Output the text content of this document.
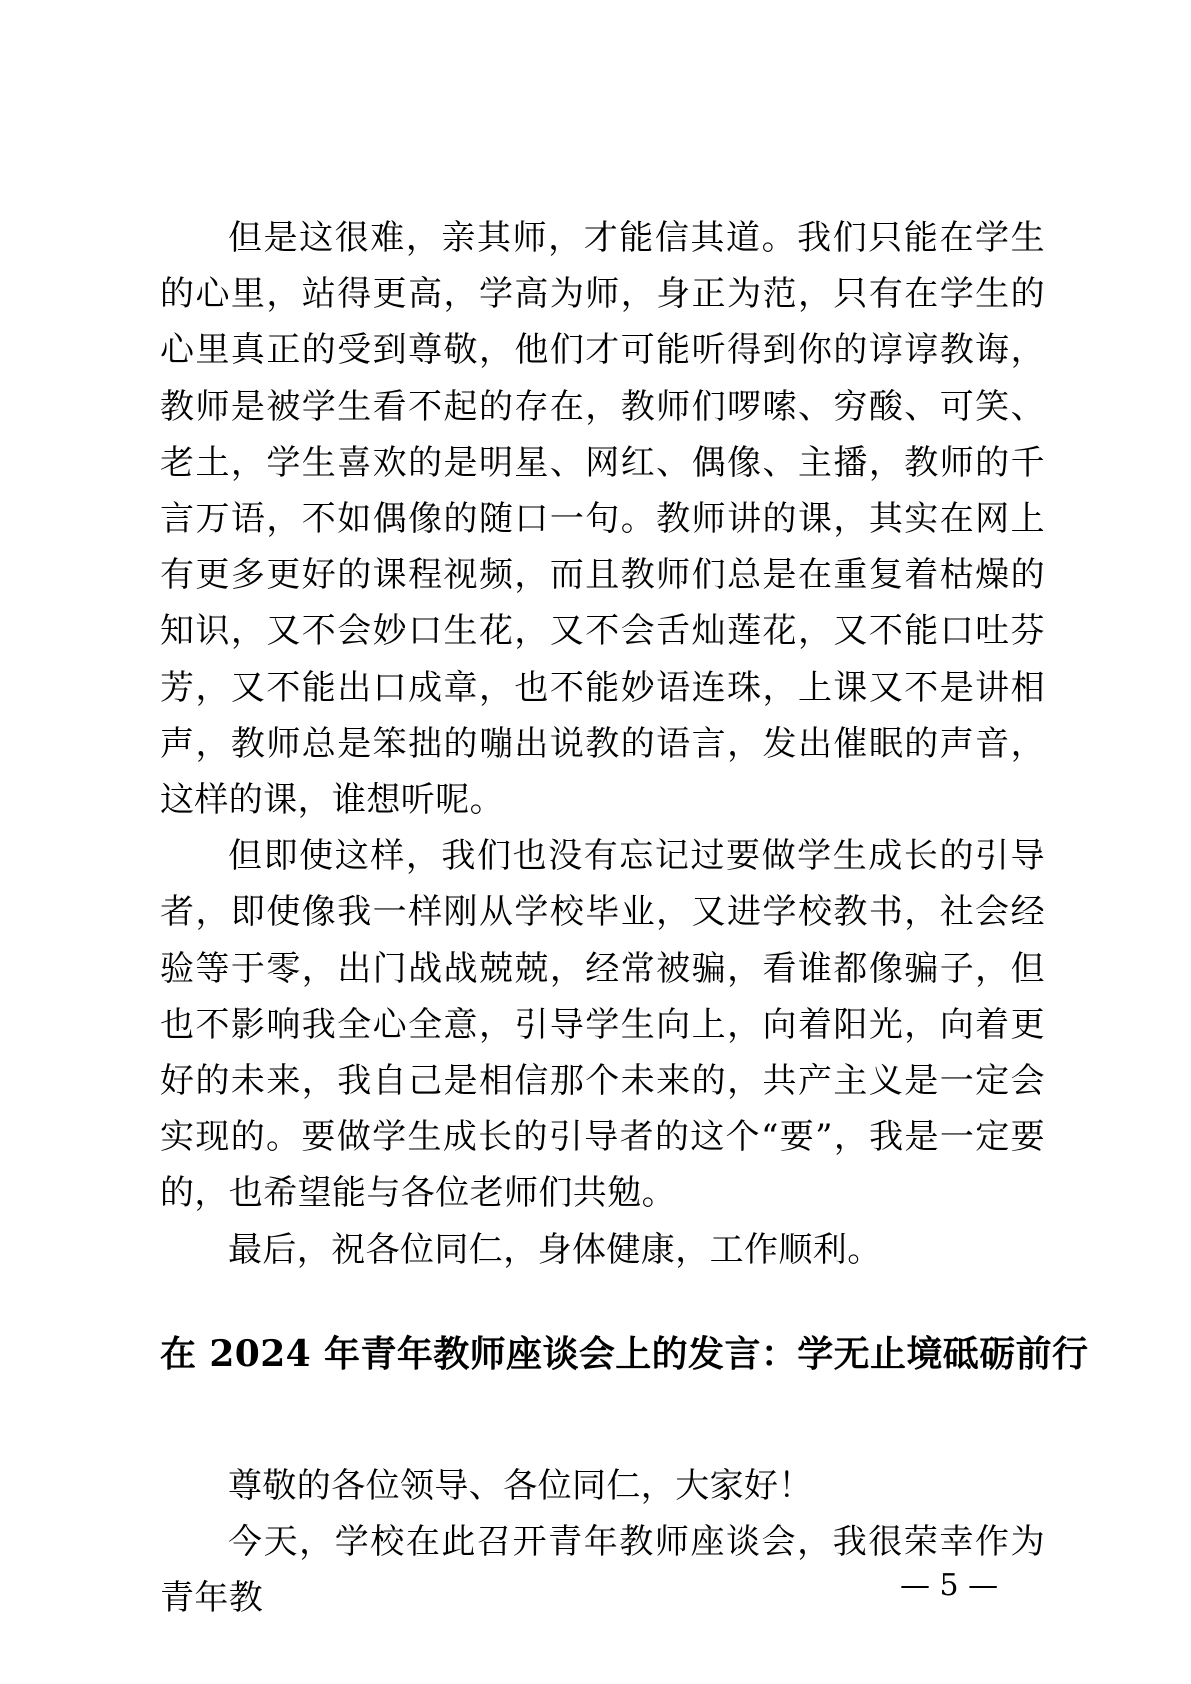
但是这很难，亲其师，才能信其道。我们只能在学生的心里，站得更高，学高为师，身正为范，只有在学生的心里真正的受到尊敬，他们才可能听得到你的谆谆教诲，教师是被学生看不起的存在，教师们啰嗦、穷酸、可笑、老土，学生喜欢的是明星、网红、偶像、主播，教师的千言万语，不如偶像的随口一句。教师讲的课，其实在网上有更多更好的课程视频，而且教师们总是在重复着枯燥的知识，又不会妙口生花，又不会舌灿莲花，又不能口吐芬芳，又不能出口成章，也不能妙语连珠，上课又不是讲相声，教师总是笨拙的嘣出说教的语言，发出催眠的声音，这样的课，谁想听呢。

但即使这样，我们也没有忘记过要做学生成长的引导者，即使像我一样刚从学校毕业，又进学校教书，社会经验等于零，出门战战兢兢，经常被骗，看谁都像骗子，但也不影响我全心全意，引导学生向上，向着阳光，向着更好的未来，我自己是相信那个未来的，共产主义是一定会实现的。要做学生成长的引导者的这个“要”，我是一定要的，也希望能与各位老师们共勉。

最后，祝各位同仁，身体健康，工作顺利。

在 2024 年青年教师座谈会上的发言：学无止境砥砺前行

尊敬的各位领导、各位同仁，大家好！

今天，学校在此召开青年教师座谈会，我很荣幸作为青年教	— 5 —
